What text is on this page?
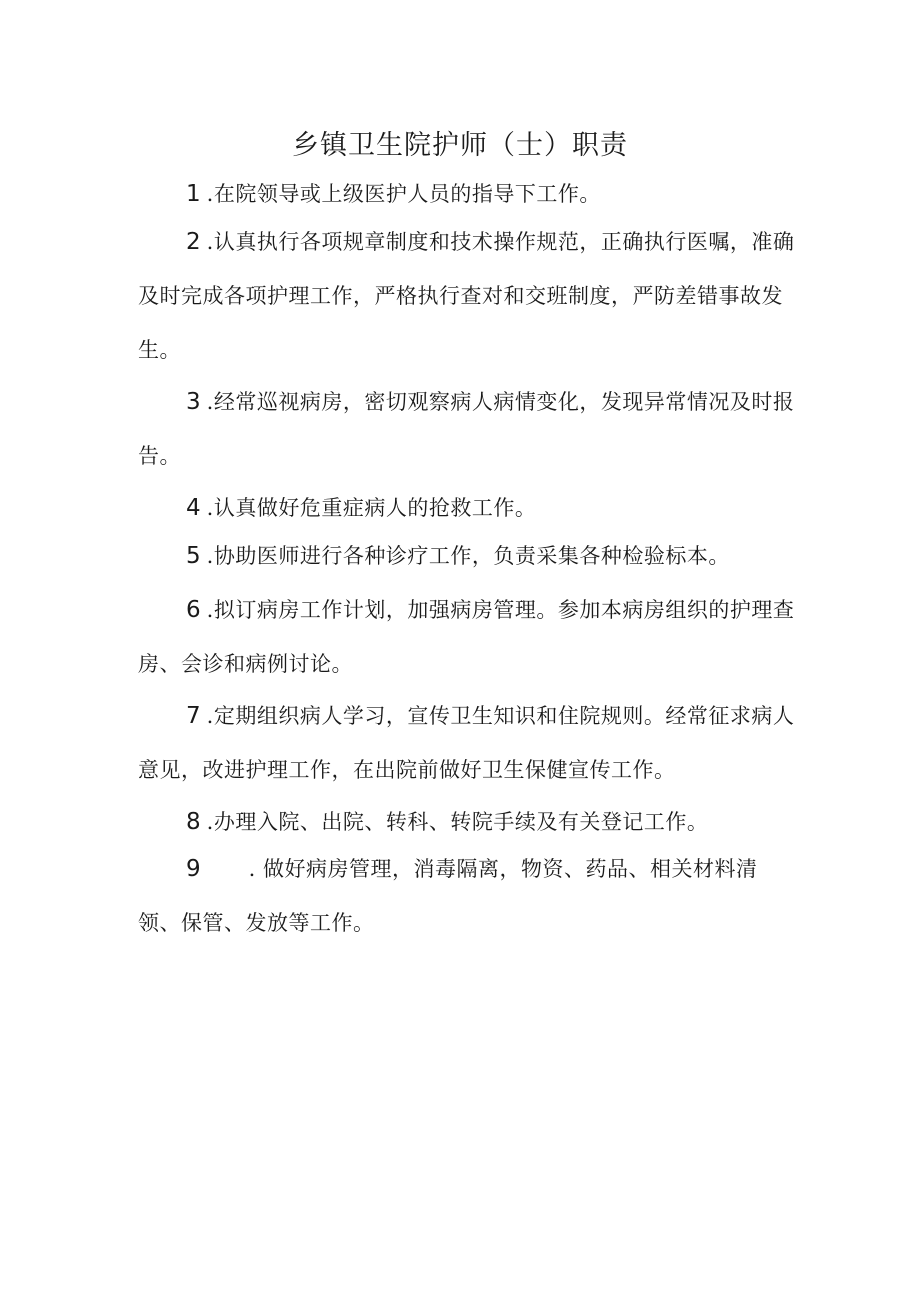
乡镇卫生院护师（士）职责

1.在院领导或上级医护人员的指导下工作。

2.认真执行各项规章制度和技术操作规范，正确执行医嘱，准确及时完成各项护理工作，严格执行查对和交班制度，严防差错事故发生。

3.经常巡视病房，密切观察病人病情变化，发现异常情况及时报告。

4.认真做好危重症病人的抢救工作。

5.协助医师进行各种诊疗工作，负责采集各种检验标本。

6.拟订病房工作计划，加强病房管理。参加本病房组织的护理查房、会诊和病例讨论。

7.定期组织病人学习，宣传卫生知识和住院规则。经常征求病人意见，改进护理工作，在出院前做好卫生保健宣传工作。

8.办理入院、出院、转科、转院手续及有关登记工作。

9. 做好病房管理，消毒隔离，物资、药品、相关材料清领、保管、发放等工作。
